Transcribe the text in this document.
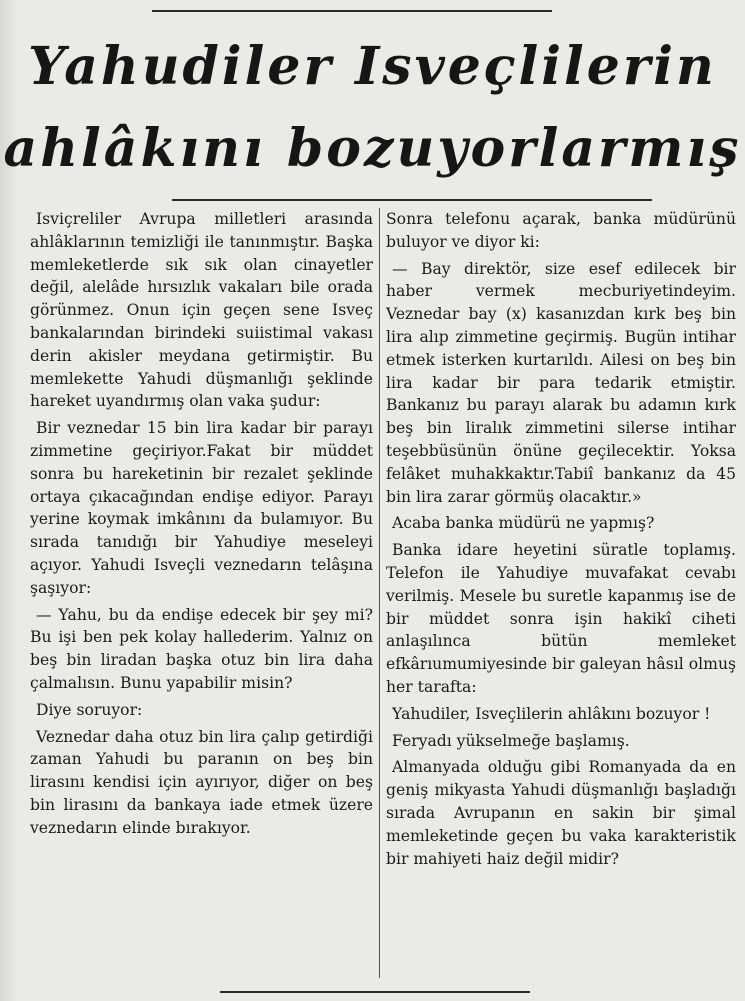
Yahudiler Isveçlilerin
ahlâkını bozuyorlarmış

Isviçreliler Avrupa milletleri arasında ahlâklarının temizliği ile tanınmıştır. Başka memleketlerde sık sık olan cinayetler değil, alelâde hırsızlık vakaları bile orada görünmez. Onun için geçen sene Isveç bankalarından birindeki suiistimal vakası derin akisler meydana getirmiştir. Bu memlekette Yahudi düşmanlığı şeklinde hareket uyandırmış olan vaka şudur:

Bir veznedar 15 bin lira kadar bir parayı zimmetine geçiriyor.Fakat bir müddet sonra bu hareketinin bir rezalet şeklinde ortaya çıkacağından endişe ediyor. Parayı yerine koymak imkânını da bulamıyor. Bu sırada tanıdığı bir Yahudiye meseleyi açıyor. Yahudi Isveçli veznedarın telâşına şaşıyor:

— Yahu, bu da endişe edecek bir şey mi? Bu işi ben pek kolay hallederim. Yalnız on beş bin liradan başka otuz bin lira daha çalmalısın. Bunu yapabilir misin?

Diye soruyor:

Veznedar daha otuz bin lira çalıp getirdiği zaman Yahudi bu paranın on beş bin lirasını kendisi için ayırıyor, diğer on beş bin lirasını da bankaya iade etmek üzere veznedarın elinde bırakıyor.

Sonra telefonu açarak, banka müdürünü buluyor ve diyor ki:

— Bay direktör, size esef edilecek bir haber vermek mecburiyetindeyim. Veznedar bay (x) kasanızdan kırk beş bin lira alıp zimmetine geçirmiş. Bugün intihar etmek isterken kurtarıldı. Ailesi on beş bin lira kadar bir para tedarik etmiştir. Bankanız bu parayı alarak bu adamın kırk beş bin liralık zimmetini silerse intihar teşebbüsünün önüne geçilecektir. Yoksa felâket muhakkaktır.Tabiî bankanız da 45 bin lira zarar görmüş olacaktır.»

Acaba banka müdürü ne yapmış?

Banka idare heyetini süratle toplamış. Telefon ile Yahudiye muvafakat cevabı verilmiş. Mesele bu suretle kapanmış ise de bir müddet sonra işin hakikî ciheti anlaşılınca bütün memleket efkârıumumiyesinde bir galeyan hâsıl olmuş her tarafta:

Yahudiler, Isveçlilerin ahlâkını bozuyor !

Feryadı yükselmeğe başlamış.

Almanyada olduğu gibi Romanyada da en geniş mikyasta Yahudi düşmanlığı başladığı sırada Avrupanın en sakin bir şimal memleketinde geçen bu vaka karakteristik bir mahiyeti haiz değil midir?
